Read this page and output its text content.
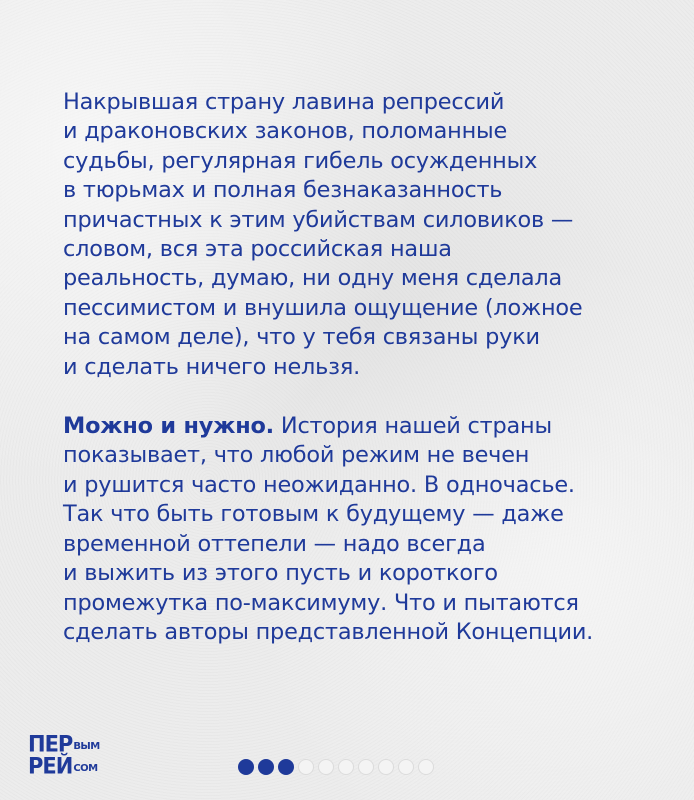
Накрывшая страну лавина репрессий
и драконовских законов, поломанные
судьбы, регулярная гибель осужденных
в тюрьмах и полная безнаказанность
причастных к этим убийствам силовиков —
словом, вся эта российская наша
реальность, думаю, ни одну меня сделала
пессимистом и внушила ощущение (ложное
на самом деле), что у тебя связаны руки
и сделать ничего нельзя.

Можно и нужно. История нашей страны
показывает, что любой режим не вечен
и рушится часто неожиданно. В одночасье.
Так что быть готовым к будущему — даже
временной оттепели — надо всегда
и выжить из этого пусть и короткого
промежутка по-максимуму. Что и пытаются
сделать авторы представленной Концепции.

ПЕР ВЫМ
РЕЙ СОМ
